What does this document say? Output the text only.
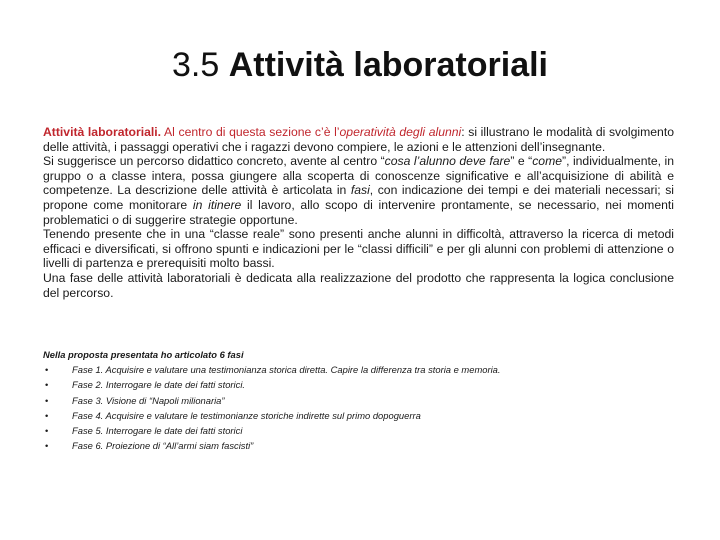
3.5 Attività laboratoriali

Attività laboratoriali. Al centro di questa sezione c’è l’operatività degli alunni: si illustrano le modalità di svolgimento delle attività, i passaggi operativi che i ragazzi devono compiere, le azioni e le attenzioni dell’insegnante.

Si suggerisce un percorso didattico concreto, avente al centro “cosa l’alunno deve fare” e “come”, individualmente, in gruppo o a classe intera, possa giungere alla scoperta di conoscenze significative e all’acquisizione di abilità e competenze. La descrizione delle attività è articolata in fasi, con indicazione dei tempi e dei materiali necessari; si propone come monitorare in itinere il lavoro, allo scopo di intervenire prontamente, se necessario, nei momenti problematici o di suggerire strategie opportune.

Tenendo presente che in una “classe reale” sono presenti anche alunni in difficoltà, attraverso la ricerca di metodi efficaci e diversificati, si offrono spunti e indicazioni per le “classi difficili” e per gli alunni con problemi di attenzione o livelli di partenza e prerequisiti molto bassi.

Una fase delle attività laboratoriali è dedicata alla realizzazione del prodotto che rappresenta la logica conclusione del percorso.

Nella proposta presentata ho articolato 6 fasi
•	Fase 1. Acquisire e valutare una testimonianza storica diretta. Capire la differenza tra storia e memoria.
•	Fase 2. Interrogare le date dei fatti storici.
•	Fase 3. Visione di “Napoli milionaria”
•	Fase 4. Acquisire e valutare le testimonianze storiche indirette sul primo dopoguerra
•	Fase 5. Interrogare le date dei fatti storici
•	Fase 6. Proiezione di “All’armi siam fascisti”
